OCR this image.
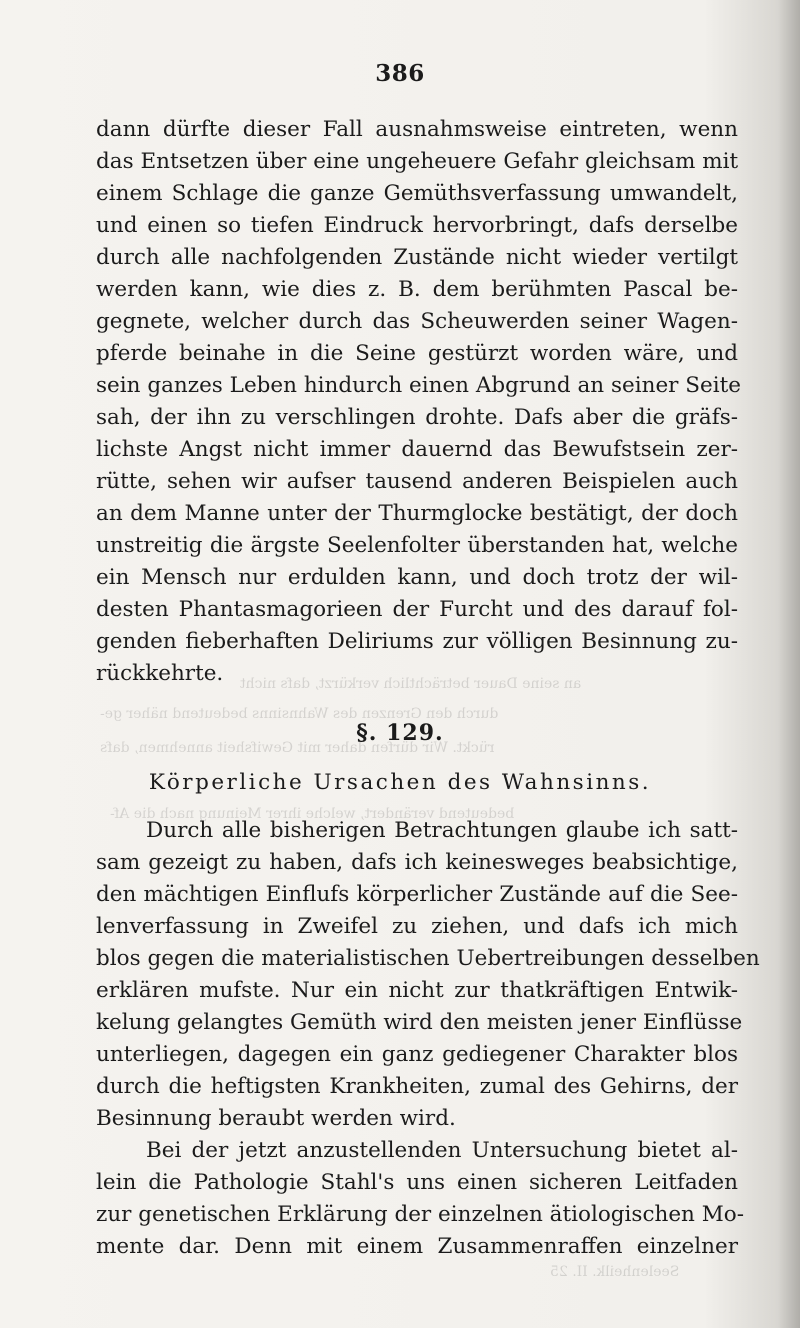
an seine Dauer beträchtlich verkürzt, dafs nicht
durch den Grenzen des Wahnsinns bedeutend näher ge-
rückt. Wir dürfen daher mit Gewifsheit annehmen, dafs
bedeutend verändert, welche ihrer Meinung nach die Af-
Seelenheilk. II. 25
386
dann dürfte dieser Fall ausnahmsweise eintreten, wenn
das Entsetzen über eine ungeheuere Gefahr gleichsam mit
einem Schlage die ganze Gemüthsverfassung umwandelt,
und einen so tiefen Eindruck hervorbringt, dafs derselbe
durch alle nachfolgenden Zustände nicht wieder vertilgt
werden kann, wie dies z. B. dem berühmten Pascal be-
gegnete, welcher durch das Scheuwerden seiner Wagen-
pferde beinahe in die Seine gestürzt worden wäre, und
sein ganzes Leben hindurch einen Abgrund an seiner Seite
sah, der ihn zu verschlingen drohte. Dafs aber die gräfs-
lichste Angst nicht immer dauernd das Bewufstsein zer-
rütte, sehen wir aufser tausend anderen Beispielen auch
an dem Manne unter der Thurmglocke bestätigt, der doch
unstreitig die ärgste Seelenfolter überstanden hat, welche
ein Mensch nur erdulden kann, und doch trotz der wil-
desten Phantasmagorieen der Furcht und des darauf fol-
genden fieberhaften Deliriums zur völligen Besinnung zu-
rückkehrte.
§. 129.
Körperliche Ursachen des Wahnsinns.
Durch alle bisherigen Betrachtungen glaube ich satt-
sam gezeigt zu haben, dafs ich keinesweges beabsichtige,
den mächtigen Einflufs körperlicher Zustände auf die See-
lenverfassung in Zweifel zu ziehen, und dafs ich mich
blos gegen die materialistischen Uebertreibungen desselben
erklären mufste. Nur ein nicht zur thatkräftigen Entwik-
kelung gelangtes Gemüth wird den meisten jener Einflüsse
unterliegen, dagegen ein ganz gediegener Charakter blos
durch die heftigsten Krankheiten, zumal des Gehirns, der
Besinnung beraubt werden wird.
Bei der jetzt anzustellenden Untersuchung bietet al-
lein die Pathologie Stahl's uns einen sicheren Leitfaden
zur genetischen Erklärung der einzelnen ätiologischen Mo-
mente dar. Denn mit einem Zusammenraffen einzelner
